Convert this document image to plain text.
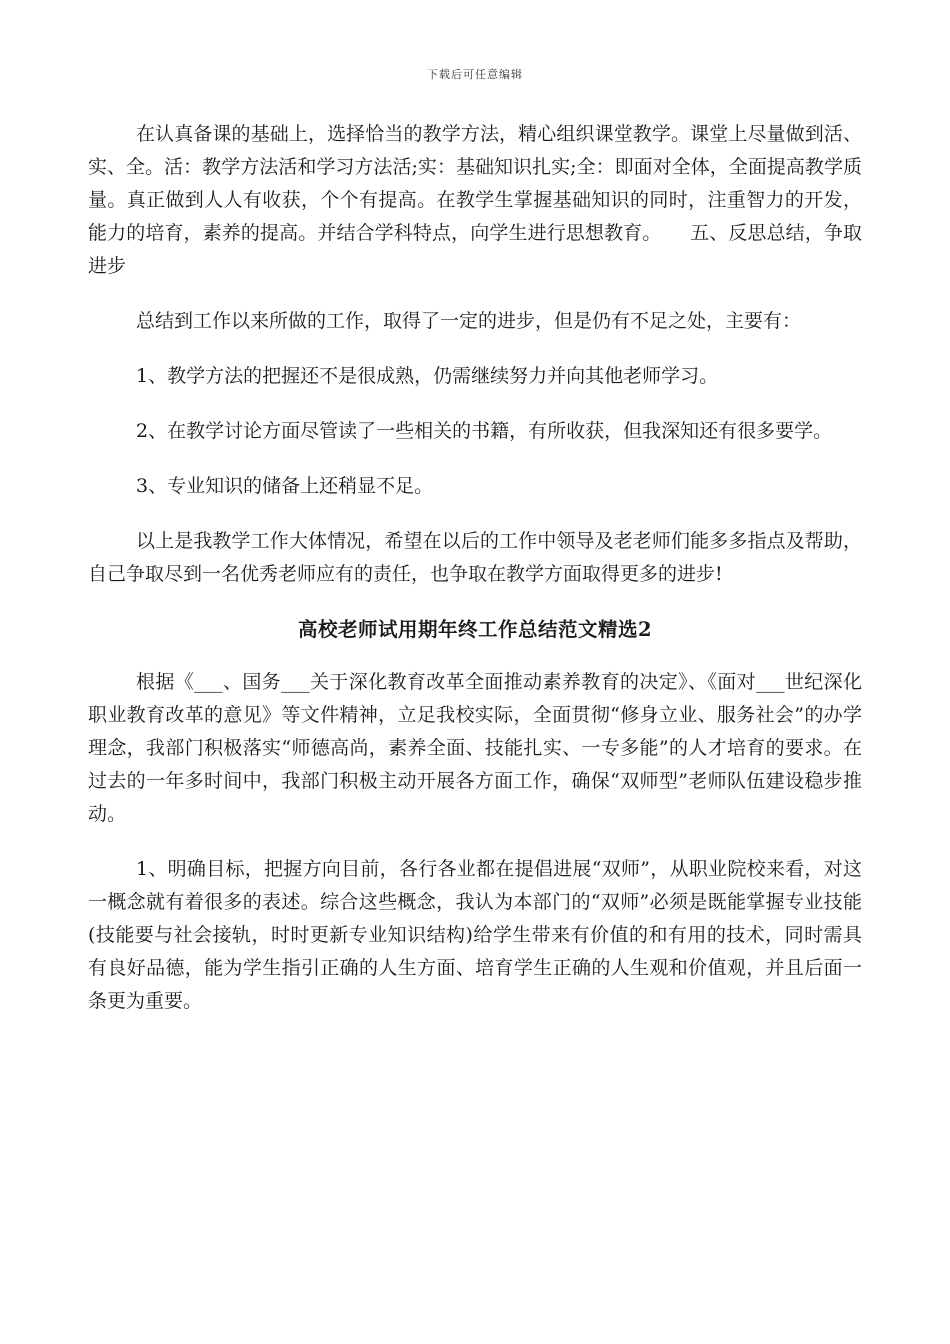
下载后可任意编辑

在认真备课的基础上，选择恰当的教学方法，精心组织课堂教学。课堂上尽量做到活、实、全。活：教学方法活和学习方法活;实：基础知识扎实;全：即面对全体，全面提高教学质量。真正做到人人有收获，个个有提高。在教学生掌握基础知识的同时，注重智力的开发，能力的培育，素养的提高。并结合学科特点，向学生进行思想教育。　　五、反思总结，争取进步

总结到工作以来所做的工作，取得了一定的进步，但是仍有不足之处，主要有：

1、教学方法的把握还不是很成熟，仍需继续努力并向其他老师学习。

2、在教学讨论方面尽管读了一些相关的书籍，有所收获，但我深知还有很多要学。

3、专业知识的储备上还稍显不足。

以上是我教学工作大体情况，希望在以后的工作中领导及老老师们能多多指点及帮助，自己争取尽到一名优秀老师应有的责任，也争取在教学方面取得更多的进步!

高校老师试用期年终工作总结范文精选2

根据《___、国务___关于深化教育改革全面推动素养教育的决定》、《面对___世纪深化职业教育改革的意见》等文件精神，立足我校实际，全面贯彻“修身立业、服务社会”的办学理念，我部门积极落实“师德高尚，素养全面、技能扎实、一专多能”的人才培育的要求。在过去的一年多时间中，我部门积极主动开展各方面工作，确保“双师型”老师队伍建设稳步推动。

1、明确目标，把握方向目前，各行各业都在提倡进展“双师”，从职业院校来看，对这一概念就有着很多的表述。综合这些概念，我认为本部门的“双师”必须是既能掌握专业技能(技能要与社会接轨，时时更新专业知识结构)给学生带来有价值的和有用的技术，同时需具有良好品德，能为学生指引正确的人生方面、培育学生正确的人生观和价值观，并且后面一条更为重要。
